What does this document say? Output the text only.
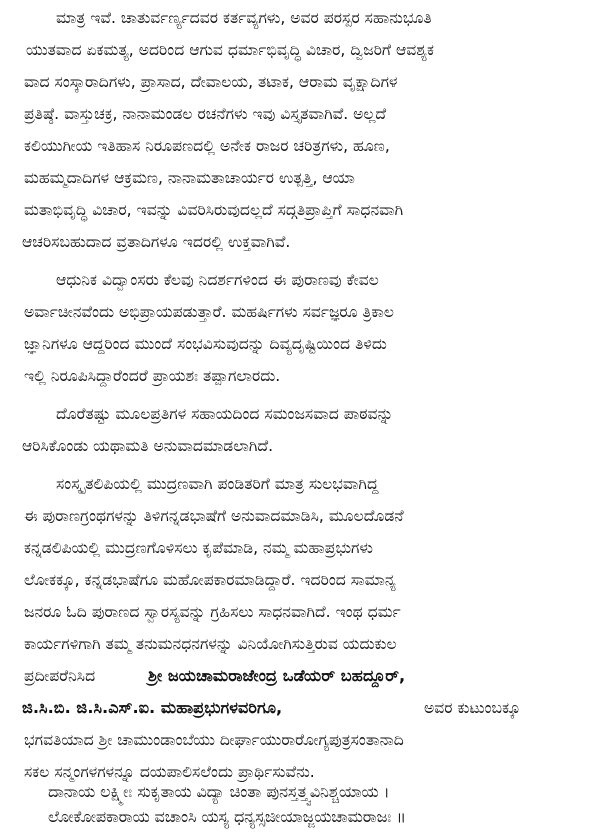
ಮಾತ್ರ ಇವೆ. ಚಾತುರ್ವರ್ಣ್ಯದವರ ಕರ್ತವ್ಯಗಳು, ಅವರ ಪರಸ್ಪರ ಸಹಾನುಭೂತಿ
ಯುತವಾದ ಏಕಮತ್ಯ, ಅದರಿಂದ ಆಗುವ ಧರ್ಮಾಭಿವೃದ್ಧಿ ವಿಚಾರ, ದ್ವಿಜರಿಗೆ ಆವಶ್ಯಕ
ವಾದ ಸಂಸ್ಕಾರಾದಿಗಳು, ಪ್ರಾಸಾದ, ದೇವಾಲಯ, ತಟಾಕ, ಆರಾಮ ವೃಕ್ಷಾದಿಗಳ
ಪ್ರತಿಷ್ಠೆ. ವಾಸ್ತುಚಕ್ರ, ನಾನಾಮಂಡಲ ರಚನೆಗಳು ಇವು ವಿಸ್ತೃತವಾಗಿವೆ. ಅಲ್ಲದೆ
ಕಲಿಯುಗೀಯ ಇತಿಹಾಸ ನಿರೂಪಣದಲ್ಲಿ ಅನೇಕ ರಾಜರ ಚರಿತ್ರಗಳು, ಹೂಣ,
ಮಹಮ್ಮದಾದಿಗಳ ಆಕ್ರಮಣ, ನಾನಾಮತಾಚಾರ್ಯರ ಉತ್ಪತ್ತಿ, ಆಯಾ
ಮತಾಭಿವೃದ್ಧಿ ವಿಚಾರ, ಇವನ್ನು ವಿವರಿಸಿರುವುದಲ್ಲದೆ ಸದ್ಗತಿಪ್ರಾಪ್ತಿಗೆ ಸಾಧನವಾಗಿ
ಆಚರಿಸಬಹುದಾದ ವ್ರತಾದಿಗಳೂ ಇದರಲ್ಲಿ ಉಕ್ತವಾಗಿವೆ.
ಆಧುನಿಕ ವಿದ್ವಾಂಸರು ಕೆಲವು ನಿದರ್ಶಗಳಿಂದ ಈ ಪುರಾಣವು ಕೇವಲ
ಅರ್ವಾಚೀನವೆಂದು ಅಭಿಪ್ರಾಯಪಡುತ್ತಾರೆ. ಮಹರ್ಷಿಗಳು ಸರ್ವಜ್ಞರೂ ತ್ರಿಕಾಲ
ಜ್ಞಾನಿಗಳೂ ಆದ್ದರಿಂದ ಮುಂದೆ ಸಂಭವಿಸುವುದನ್ನು ದಿವ್ಯದೃಷ್ಟಿಯಿಂದ ತಿಳಿದು
ಇಲ್ಲಿ ನಿರೂಪಿಸಿದ್ದಾರೆಂದರೆ ಪ್ರಾಯಶಃ ತಪ್ಪಾಗಲಾರದು.
ದೊರೆತಷ್ಟು ಮೂಲಪ್ರತಿಗಳ ಸಹಾಯದಿಂದ ಸಮಂಜಸವಾದ ಪಾಠವನ್ನು
ಆರಿಸಿಕೊಂಡು ಯಥಾಮತಿ ಅನುವಾದಮಾಡಲಾಗಿದೆ.
ಸಂಸ್ಕೃತಲಿಪಿಯಲ್ಲಿ ಮುದ್ರಣವಾಗಿ ಪಂಡಿತರಿಗೆ ಮಾತ್ರ ಸುಲಭವಾಗಿದ್ದ
ಈ ಪುರಾಣಗ್ರಂಥಗಳನ್ನು ತಿಳಿಗನ್ನಡಭಾಷೆಗೆ ಅನುವಾದಮಾಡಿಸಿ, ಮೂಲದೊಡನೆ
ಕನ್ನಡಲಿಪಿಯಲ್ಲಿ ಮುದ್ರಣಗೊಳಿಸಲು ಕೃಪೆಮಾಡಿ, ನಮ್ಮ ಮಹಾಪ್ರಭುಗಳು
ಲೋಕಕ್ಕೂ, ಕನ್ನಡಭಾಷೆಗೂ ಮಹೋಪಕಾರಮಾಡಿದ್ದಾರೆ. ಇದರಿಂದ ಸಾಮಾನ್ಯ
ಜನರೂ ಓದಿ ಪುರಾಣದ ಸ್ವಾರಸ್ಯವನ್ನು ಗ್ರಹಿಸಲು ಸಾಧನವಾಗಿದೆ. ಇಂಥ ಧರ್ಮ
ಕಾರ್ಯಗಳಿಗಾಗಿ ತಮ್ಮ ತನುಮನಧನಗಳನ್ನು ವಿನಿಯೋಗಿಸುತ್ತಿರುವ ಯದುಕುಲ
ಪ್ರದೀಪರೆನಿಸಿದ	ಶ್ರೀ ಜಯಚಾಮರಾಜೇಂದ್ರ ಒಡೆಯರ್ ಬಹದ್ದೂರ್,
ಜಿ.ಸಿ.ಬಿ. ಜಿ.ಸಿ.ಎಸ್.ಐ. ಮಹಾಪ್ರಭುಗಳವರಿಗೂ,	ಅವರ ಕುಟುಂಬಕ್ಕೂ
ಭಗವತಿಯಾದ ಶ್ರೀ ಚಾಮುಂಡಾಂಬೆಯು ದೀರ್ಘಾಯುರಾರೋಗ್ಯಪುತ್ರಸಂತಾನಾದಿ
ಸಕಲ ಸನ್ಮಂಗಳಗಳನ್ನೂ ದಯಪಾಲಿಸಲೆಂದು ಪ್ರಾರ್ಥಿಸುವೆನು.
ದಾನಾಯ ಲಕ್ಷ್ಮೀಃ ಸುಕೃತಾಯ ವಿದ್ಯಾ ಚಿಂತಾ ಪುನಸ್ತತ್ತ್ವವಿನಿಶ್ಚಯಾಯ ।
ಲೋಕೋಪಕಾರಾಯ ವಚಾಂಸಿ ಯಸ್ಯ ಧನ್ಯಸ್ಸಜೀಯಾಜ್ಜಯಚಾಮರಾಜಃ ॥
